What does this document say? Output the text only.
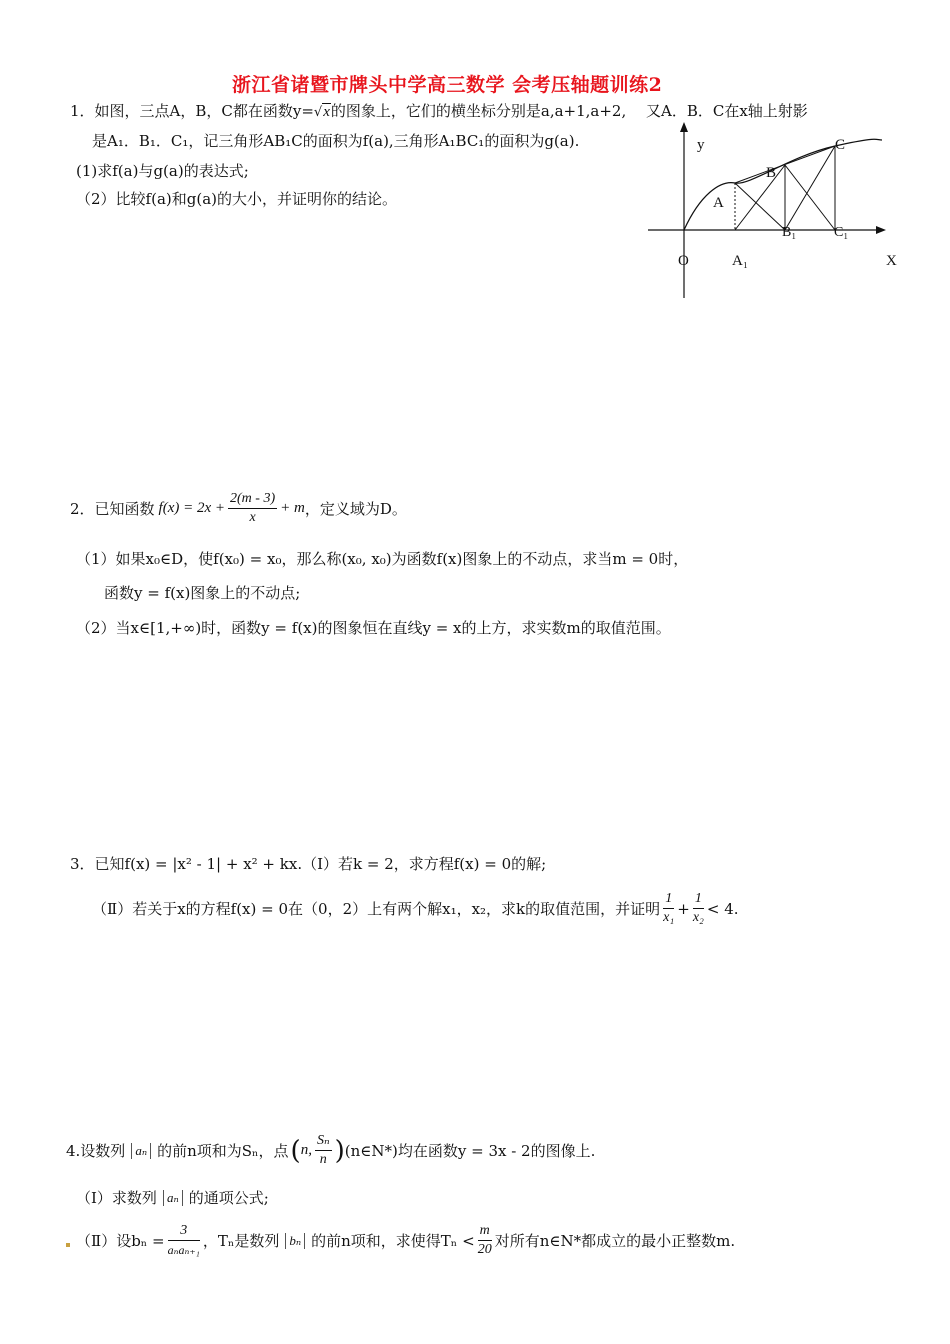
浙江省诸暨市牌头中学高三数学 会考压轴题训练2
1．如图，三点A，B，C都在函数y=√x的图象上，它们的横坐标分别是a,a+1,a+2,　 又A．B．C在x轴上射影
是A₁．B₁．C₁，记三角形AB₁C的面积为f(a),三角形A₁BC₁的面积为g(a).
(1)求f(a)与g(a)的表达式;
（2）比较f(a)和g(a)的大小，并证明你的结论。
y
A
B
C
B₁	C₁
O	A₁	X
2．已知函数 $f(x) = 2x + \frac{2(m - 3)}{x} + m$ ，定义域为D。
（1）如果x₀∈D，使f(x₀) = x₀，那么称(x₀, x₀)为函数f(x)图象上的不动点，求当m = 0时，
函数y = f(x)图象上的不动点;
（2）当x∈[1,+∞)时，函数y = f(x)的图象恒在直线y = x的上方，求实数m的取值范围。
3．已知f(x) = |x² - 1| + x² + kx.（Ⅰ）若k = 2，求方程f(x) = 0的解;
（Ⅱ）若关于x的方程f(x) = 0在（0，2）上有两个解x₁，x₂，求k的取值范围，并证明 $\frac{1}{\text{x₁}} + \frac{1}{\text{x₂}} < 4$.
4.设数列 aₙ 的前n项和为Sₙ，点 ( n, $\frac{\text{Sₙ}}{n}$ ) (n∈N*)均在函数y = 3x - 2的图像上.
（Ⅰ）求数列 aₙ 的通项公式;
（Ⅱ）设$b_n = \frac{3}{\text{aₙaₙ₊₁}}$ ，Tₙ是数列 bₙ 的前n项和，求使得$T_n < \frac{m}{20}$ 对所有n∈N*都成立的最小正整数m.
